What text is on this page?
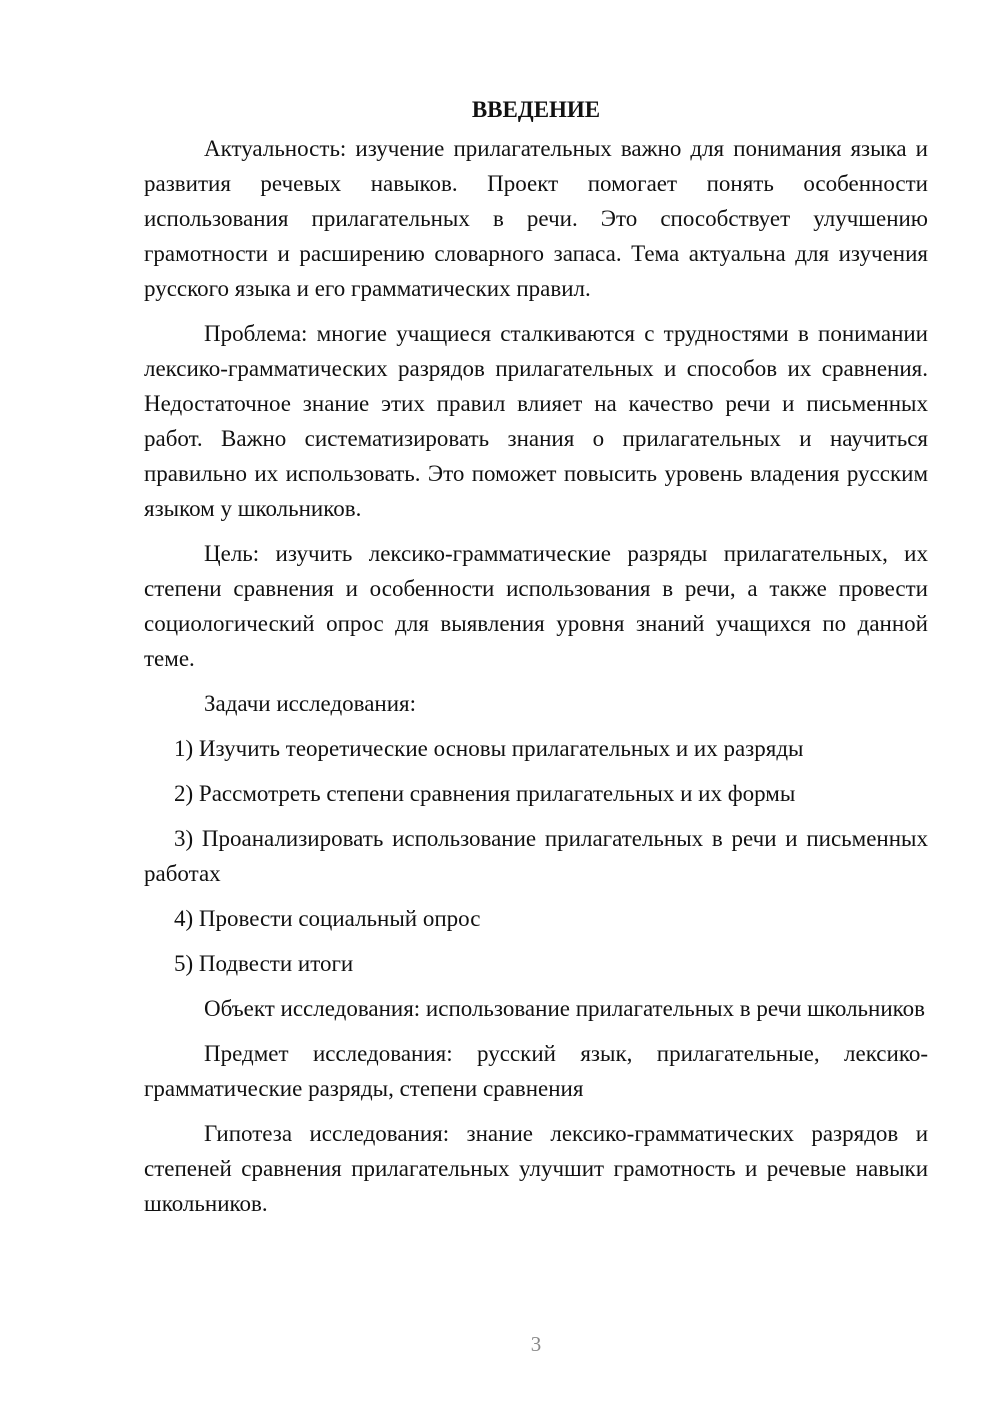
ВВЕДЕНИЕ

Актуальность: изучение прилагательных важно для понимания языка и развития речевых навыков. Проект помогает понять особенности использования прилагательных в речи. Это способствует улучшению грамотности и расширению словарного запаса. Тема актуальна для изучения русского языка и его грамматических правил.

Проблема: многие учащиеся сталкиваются с трудностями в понимании лексико-грамматических разрядов прилагательных и способов их сравнения. Недостаточное знание этих правил влияет на качество речи и письменных работ. Важно систематизировать знания о прилагательных и научиться правильно их использовать. Это поможет повысить уровень владения русским языком у школьников.

Цель: изучить лексико-грамматические разряды прилагательных, их степени сравнения и особенности использования в речи, а также провести социологический опрос для выявления уровня знаний учащихся по данной теме.

Задачи исследования:

1) Изучить теоретические основы прилагательных и их разряды

2) Рассмотреть степени сравнения прилагательных и их формы

3) Проанализировать использование прилагательных в речи и письменных работах

4) Провести социальный опрос

5) Подвести итоги

Объект исследования: использование прилагательных в речи школьников

Предмет исследования: русский язык, прилагательные, лексико-грамматические разряды, степени сравнения

Гипотеза исследования: знание лексико-грамматических разрядов и степеней сравнения прилагательных улучшит грамотность и речевые навыки школьников.

3
